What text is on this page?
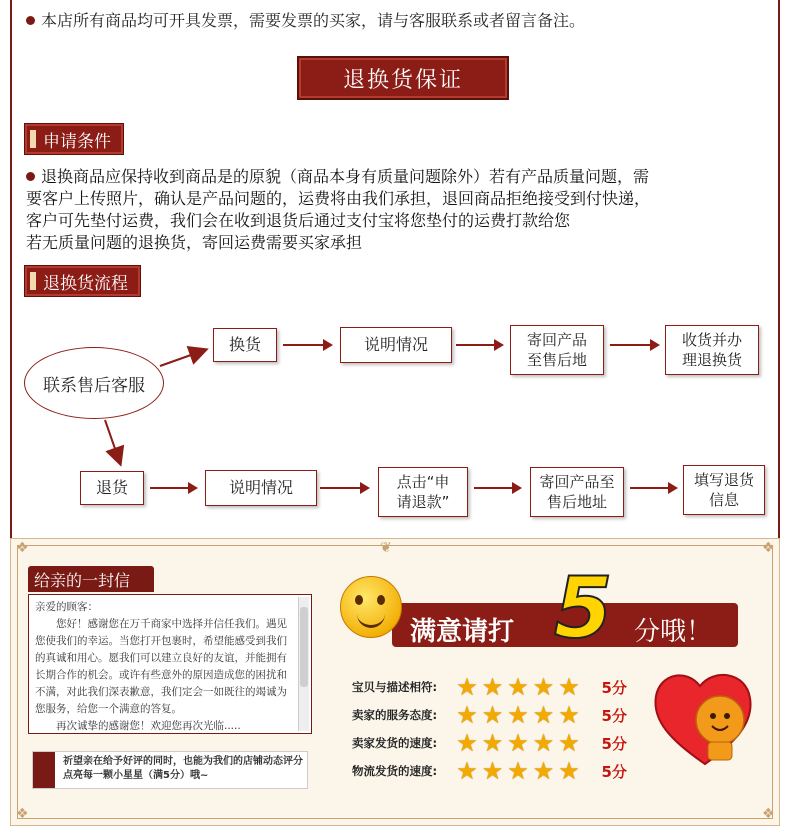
本店所有商品均可开具发票，需要发票的买家，请与客服联系或者留言备注。
退换货保证
申请条件
退换商品应保持收到商品是的原貌（商品本身有质量问题除外）若有产品质量问题，需
要客户上传照片，确认是产品问题的，运费将由我们承担，退回商品拒绝接受到付快递，
客户可先垫付运费，我们会在收到退货后通过支付宝将您垫付的运费打款给您
若无质量问题的退换货，寄回运费需要买家承担
退换货流程
联系售后客服
换货	说明情况	寄回产品
至售后地
收货并办
理退换货
退货	说明情况	点击“申
请退款”
寄回产品至
售后地址
填写退货
信息
❖	❖
❖	❖
❦
给亲的一封信
亲爱的顾客：
您好！感谢您在万千商家中选择并信任我们。遇见您使我们的幸运。当您打开包裹时，希望能感受到我们的真诚和用心。愿我们可以建立良好的友谊，并能拥有长期合作的机会。或许有些意外的原因造成您的困扰和不满，对此我们深表歉意，我们定会一如既往的竭诚为您服务，给您一个满意的答复。
再次诚挚的感谢您！欢迎您再次光临.....
祈望亲在给予好评的同时，也能为我们的店铺动态评分点亮每一颗小星星（满5分）哦~
满意请打	分哦！
5
宝贝与描述相符: ★ ★ ★ ★ ★ 5分
卖家的服务态度: ★ ★ ★ ★ ★ 5分
卖家发货的速度: ★ ★ ★ ★ ★ 5分
物流发货的速度: ★ ★ ★ ★ ★ 5分
